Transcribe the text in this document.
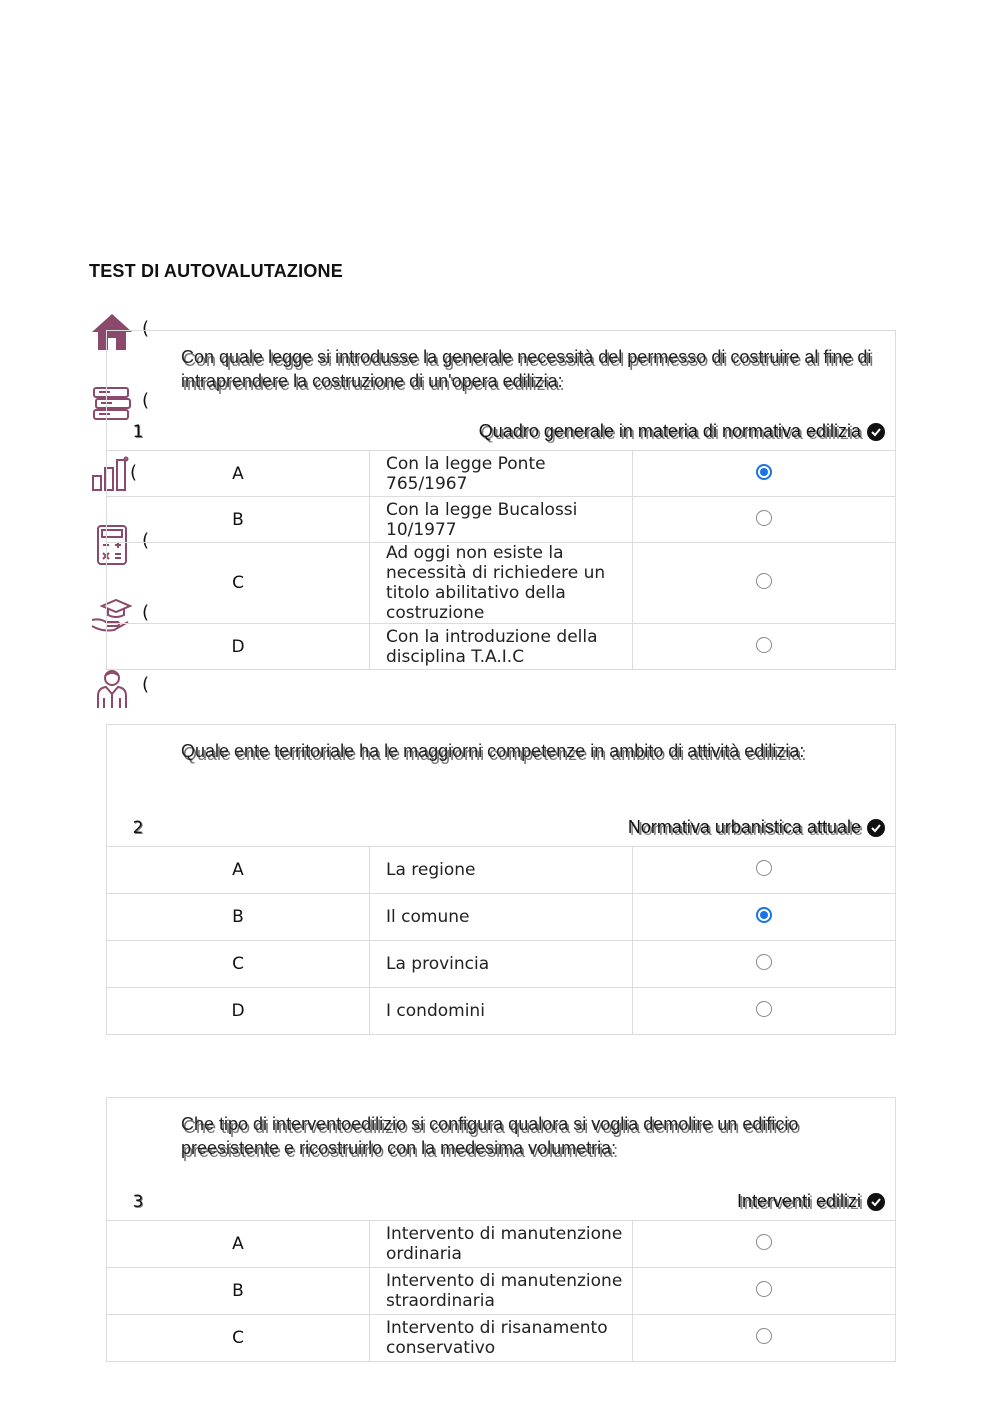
TEST DI AUTOVALUTAZIONE
(
(
(
(
(
(
1
Con quale legge si introdusse la generale necessità del permesso di costruire al fine di intraprendere la costruzione di un'opera edilizia:
Quadro generale in materia di normativa edilizia		

A	Con la legge Ponte 765/1967	
B	Con la legge Bucalossi 10/1977	
C	Ad oggi non esiste la necessità di richiedere un titolo abilitativo della costruzione	
D	Con la introduzione della disciplina T.A.I.C	
2
Quale ente territoriale ha le maggiorni competenze in ambito di attività edilizia:
Normativa urbanistica attuale		

A	La regione	
B	Il comune	
C	La provincia	
D	I condomini	
3
Che tipo di interventoedilizio si configura qualora si voglia demolire un edificio preesistente e ricostruirlo con la medesima volumetria:
Interventi edilizi		

A	Intervento di manutenzione ordinaria	
B	Intervento di manutenzione straordinaria	
C	Intervento di risanamento conservativo	
